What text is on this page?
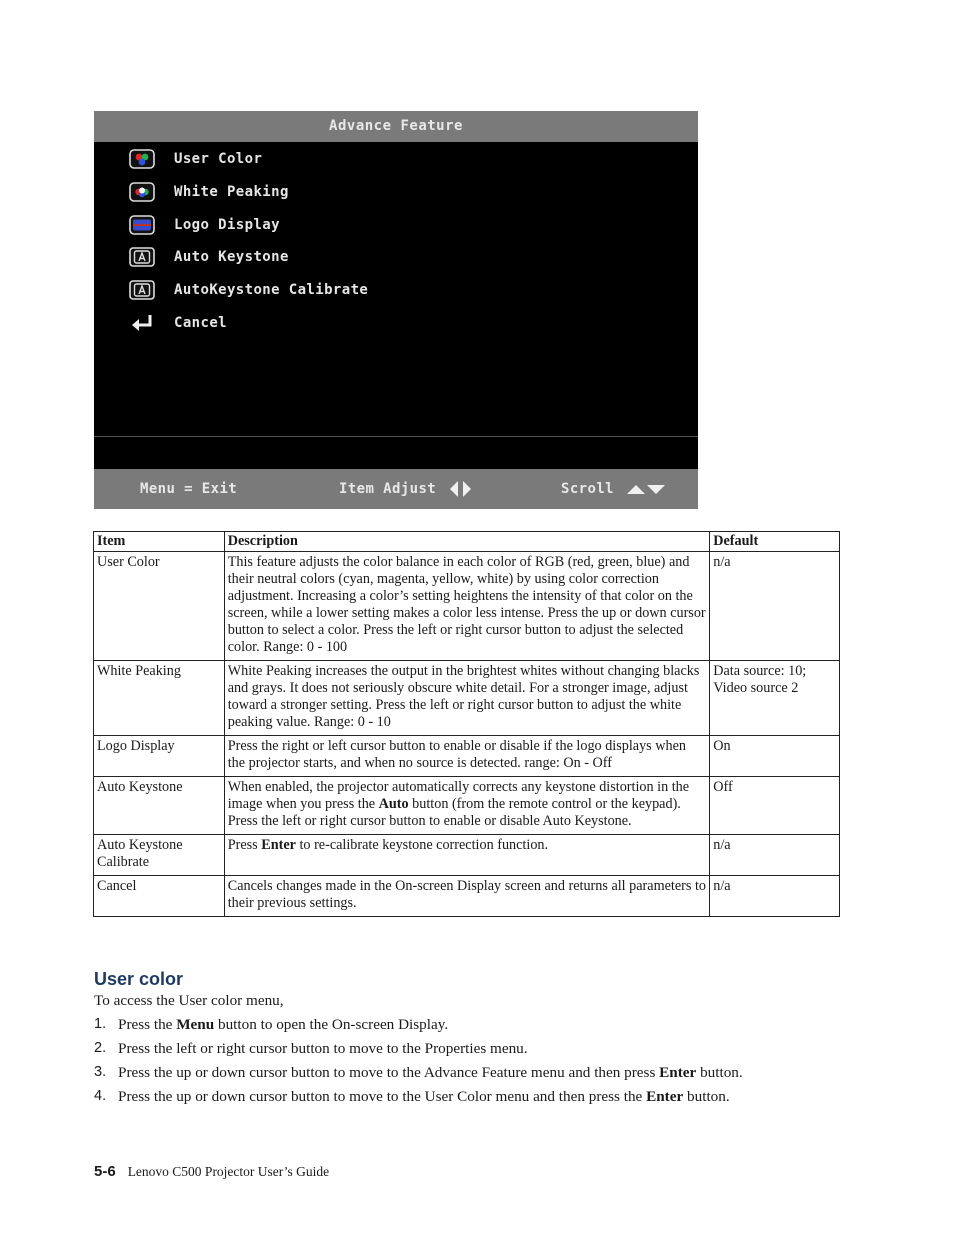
Advance Feature
User Color
White Peaking
Logo Display
Auto Keystone
AutoKeystone Calibrate
Cancel
Menu = Exit	Item Adjust	Scroll
Item	Description	Default
User Color	This feature adjusts the color balance in each color of RGB (red, green, blue) and their neutral colors (cyan, magenta, yellow, white) by using color correction adjustment. Increasing a color’s setting heightens the intensity of that color on the screen, while a lower setting makes a color less intense. Press the up or down cursor button to select a color. Press the left or right cursor button to adjust the selected color. Range: 0 - 100	n/a
White Peaking	White Peaking increases the output in the brightest whites without changing blacks and grays. It does not seriously obscure white detail. For a stronger image, adjust toward a stronger setting. Press the left or right cursor button to adjust the white peaking value. Range: 0 - 10	Data source: 10; Video source 2
Logo Display	Press the right or left cursor button to enable or disable if the logo displays when the projector starts, and when no source is detected. range: On - Off	On
Auto Keystone	When enabled, the projector automatically corrects any keystone distortion in the image when you press the Auto button (from the remote control or the keypad). Press the left or right cursor button to enable or disable Auto Keystone.	Off
Auto Keystone Calibrate	Press Enter to re-calibrate keystone correction function.	n/a
Cancel	Cancels changes made in the On-screen Display screen and returns all parameters to their previous settings.	n/a
User color
To access the User color menu,
1. Press the Menu button to open the On-screen Display.
2. Press the left or right cursor button to move to the Properties menu.
3. Press the up or down cursor button to move to the Advance Feature menu and then press Enter button.
4. Press the up or down cursor button to move to the User Color menu and then press the Enter button.
5-6 Lenovo C500 Projector User’s Guide
